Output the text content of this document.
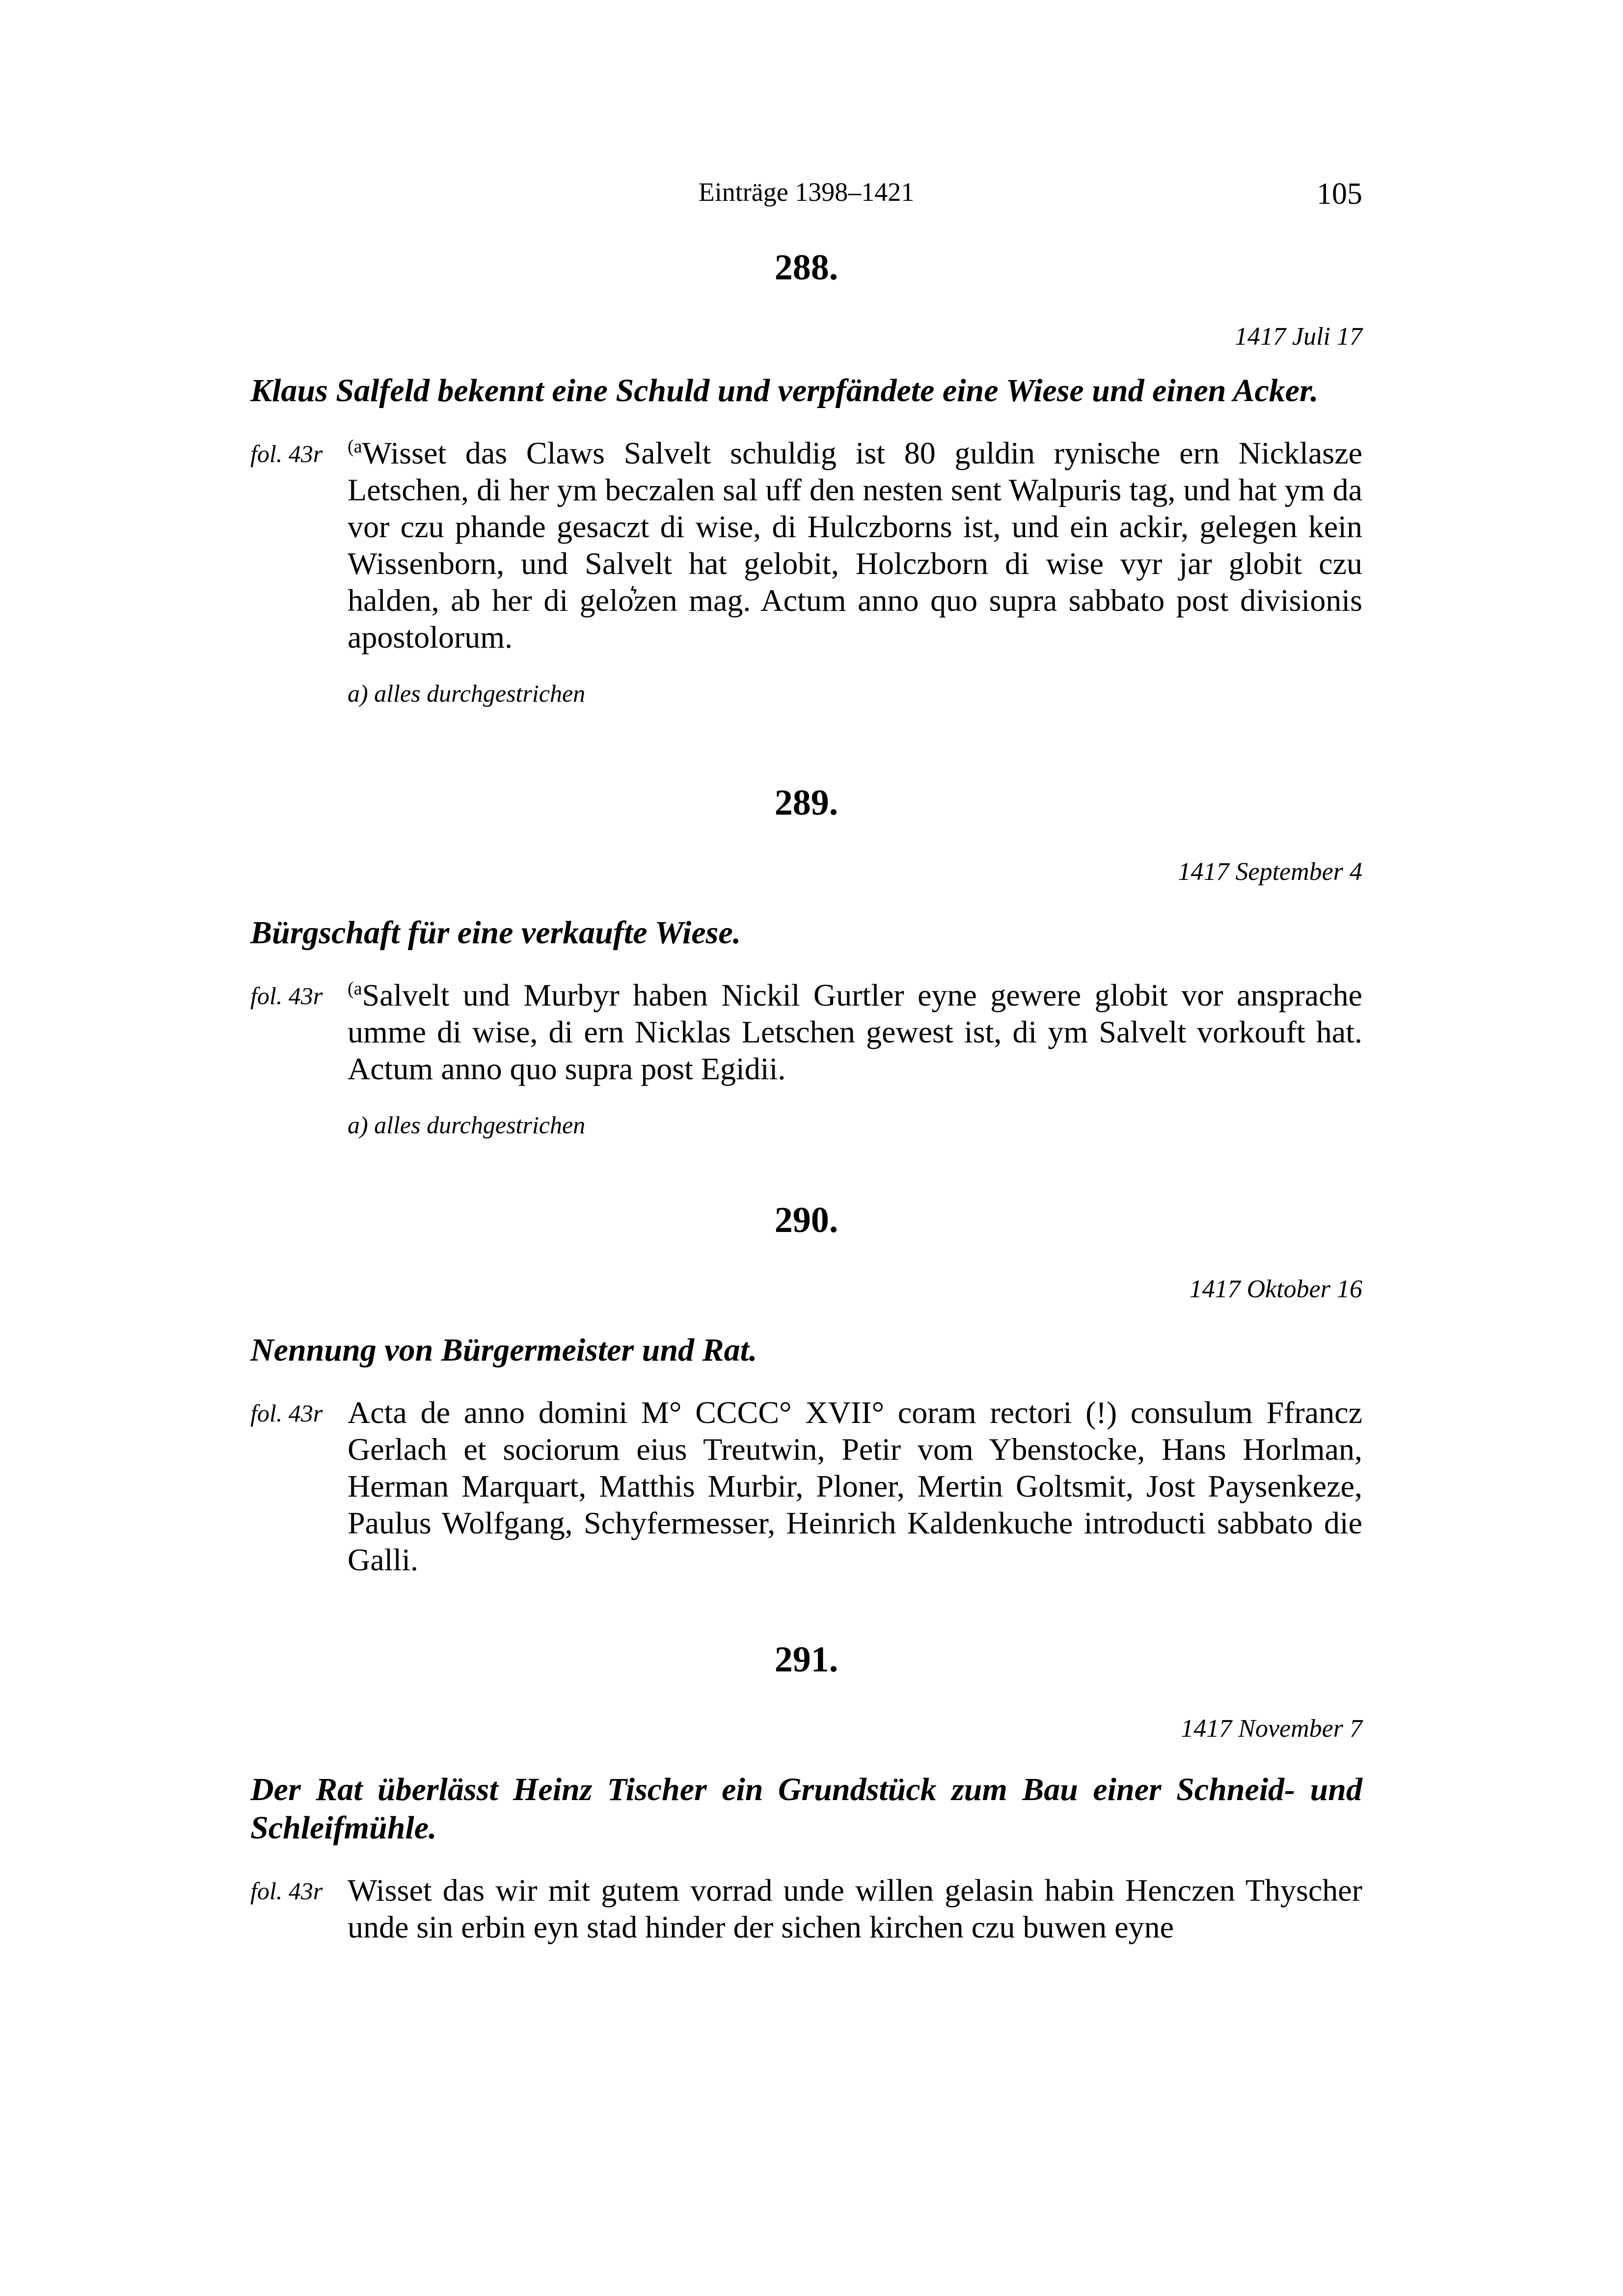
Einträge 1398–1421	105
288.
1417 Juli 17
Klaus Salfeld bekennt eine Schuld und verpfändete eine Wiese und einen Acker.
fol. 43r $^{(a}$Wisset das Claws Salvelt schuldig ist 80 guldin rynische ern Nicklasze Letschen, di her ym beczalen sal uff den nesten sent Walpuris tag, und hat ym da vor czu phande gesaczt di wise, di Hulczborns ist, und ein ackir, gelegen kein Wissenborn, und Salvelt hat gelobit, Holczborn di wise vyr jar globit czu halden, ab her di gelo͛zen mag. Actum anno quo supra sabbato post divisionis apostolorum.
a) alles durchgestrichen
289.
1417 September 4
Bürgschaft für eine verkaufte Wiese.
fol. 43r $^{(a}$Salvelt und Murbyr haben Nickil Gurtler eyne gewere globit vor ansprache umme di wise, di ern Nicklas Letschen gewest ist, di ym Salvelt vorkouft hat. Actum anno quo supra post Egidii.
a) alles durchgestrichen
290.
1417 Oktober 16
Nennung von Bürgermeister und Rat.
fol. 43r Acta de anno domini M° CCCC° XVII° coram rectori (!) consulum Ffrancz Gerlach et sociorum eius Treutwin, Petir vom Ybenstocke, Hans Horlman, Herman Marquart, Matthis Murbir, Ploner, Mertin Goltsmit, Jost Paysenkeze, Paulus Wolfgang, Schyfermesser, Heinrich Kaldenkuche introducti sabbato die Galli.
291.
1417 November 7
Der Rat überlässt Heinz Tischer ein Grundstück zum Bau einer Schneid- und Schleifmühle.
fol. 43r Wisset das wir mit gutem vorrad unde willen gelasin habin Henczen Thyscher unde sin erbin eyn stad hinder der sichen kirchen czu buwen eyne
